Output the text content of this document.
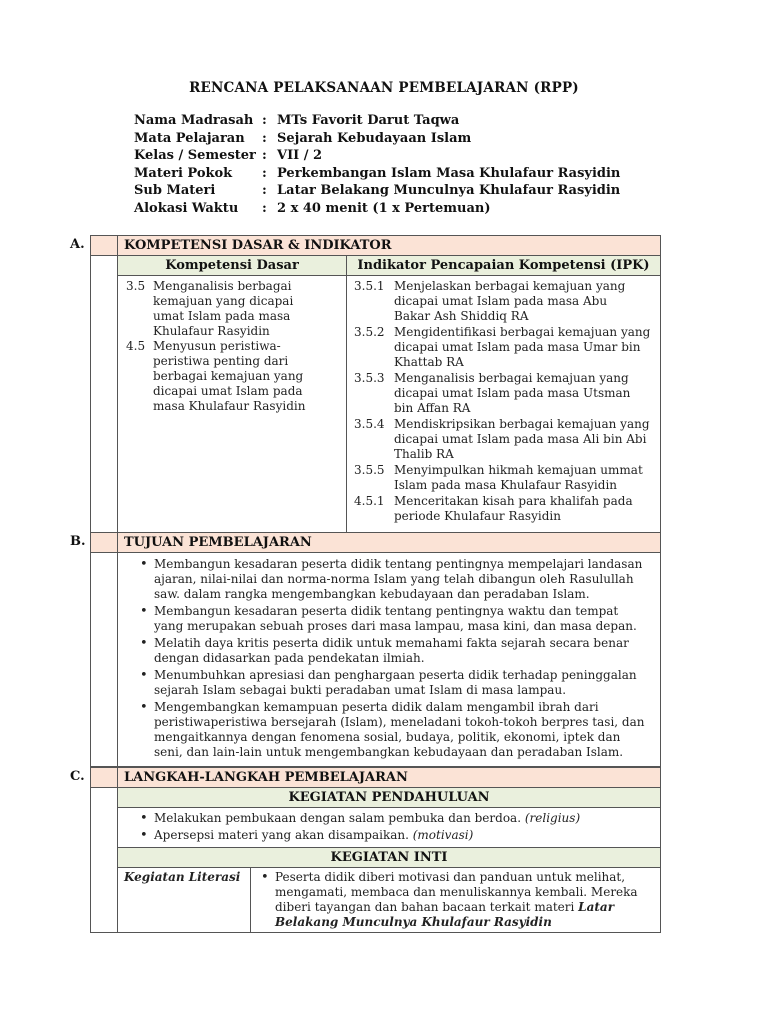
RENCANA PELAKSANAAN PEMBELAJARAN (RPP)
Nama Madrasah : MTs Favorit Darut Taqwa
Mata Pelajaran	: Sejarah Kebudayaan Islam
Kelas / Semester : VII / 2
Materi Pokok	: Perkembangan Islam Masa Khulafaur Rasyidin
Sub Materi	: Latar Belakang Munculnya Khulafaur Rasyidin
Alokasi Waktu	: 2 x 40 menit (1 x Pertemuan)
A.	KOMPETENSI DASAR & INDIKATOR
Kompetensi Dasar	Indikator Pencapaian Kompetensi (IPK)
3.5 Menganalisis berbagai kemajuan yang dicapai umat Islam pada masa Khulafaur Rasyidin
4.5 Menyusun peristiwa-peristiwa penting dari berbagai kemajuan yang dicapai umat Islam pada masa Khulafaur Rasyidin
3.5.1 Menjelaskan berbagai kemajuan yang dicapai umat Islam pada masa Abu Bakar Ash Shiddiq RA
3.5.2 Mengidentifikasi berbagai kemajuan yang dicapai umat Islam pada masa Umar bin Khattab RA
3.5.3 Menganalisis berbagai kemajuan yang dicapai umat Islam pada masa Utsman bin Affan RA
3.5.4 Mendiskripsikan berbagai kemajuan yang dicapai umat Islam pada masa Ali bin Abi Thalib RA
3.5.5 Menyimpulkan hikmah kemajuan ummat Islam pada masa Khulafaur Rasyidin
4.5.1 Menceritakan kisah para khalifah pada periode Khulafaur Rasyidin
B.	TUJUAN PEMBELAJARAN
• Membangun kesadaran peserta didik tentang pentingnya mempelajari landasan ajaran, nilai-nilai dan norma-norma Islam yang telah dibangun oleh Rasulullah saw. dalam rangka mengembangkan kebudayaan dan peradaban Islam.
• Membangun kesadaran peserta didik tentang pentingnya waktu dan tempat yang merupakan sebuah proses dari masa lampau, masa kini, dan masa depan.
• Melatih daya kritis peserta didik untuk memahami fakta sejarah secara benar dengan didasarkan pada pendekatan ilmiah.
• Menumbuhkan apresiasi dan penghargaan peserta didik terhadap peninggalan sejarah Islam sebagai bukti peradaban umat Islam di masa lampau.
• Mengembangkan kemampuan peserta didik dalam mengambil ibrah dari peristiwaperistiwa bersejarah (Islam), meneladani tokoh-tokoh berpres tasi, dan mengaitkannya dengan fenomena sosial, budaya, politik, ekonomi, iptek dan seni, dan lain-lain untuk mengembangkan kebudayaan dan peradaban Islam.
C.	LANGKAH-LANGKAH PEMBELAJARAN
KEGIATAN PENDAHULUAN
• Melakukan pembukaan dengan salam pembuka dan berdoa. (religius)
• Apersepsi materi yang akan disampaikan. (motivasi)
KEGIATAN INTI
Kegiatan Literasi
•	Peserta didik diberi motivasi dan panduan untuk melihat, mengamati, membaca dan menuliskannya kembali. Mereka diberi tayangan dan bahan bacaan terkait materi Latar Belakang Munculnya Khulafaur Rasyidin
